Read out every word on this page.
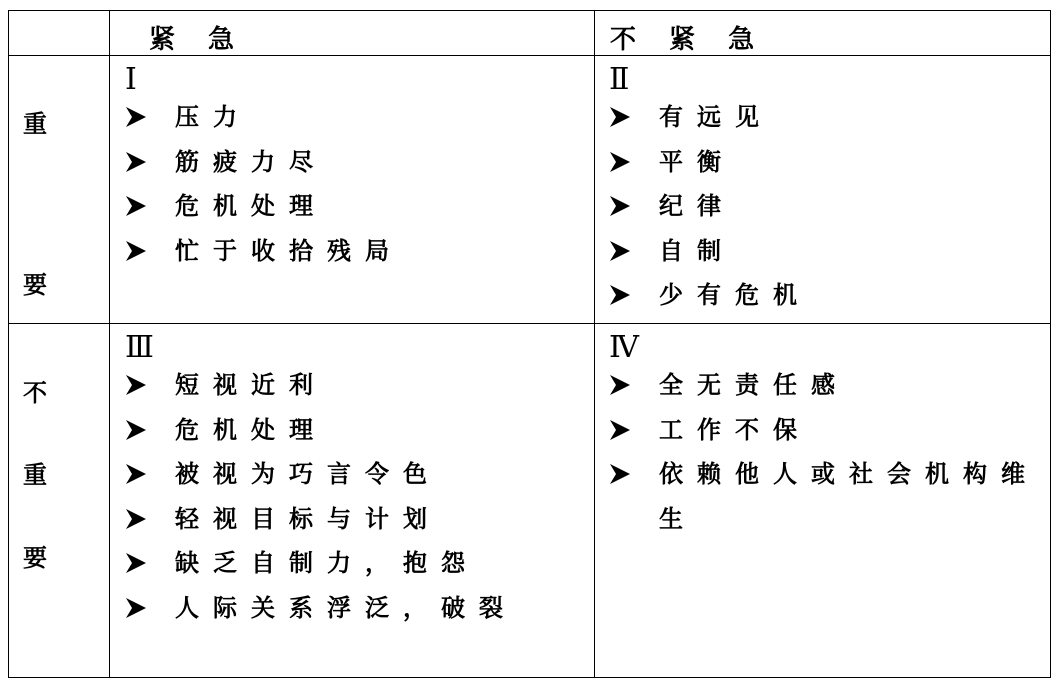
紧 急	不 紧 急
重
要
不
重
要
Ⅰ
压力
筋疲力尽
危机处理
忙于收拾残局
Ⅱ
有远见
平衡
纪律
自制
少有危机
Ⅲ
短视近利
危机处理
被视为巧言令色
轻视目标与计划
缺乏自制力，抱怨
人际关系浮泛，破裂
Ⅳ
全无责任感
工作不保
依赖他人或社会机构维生
